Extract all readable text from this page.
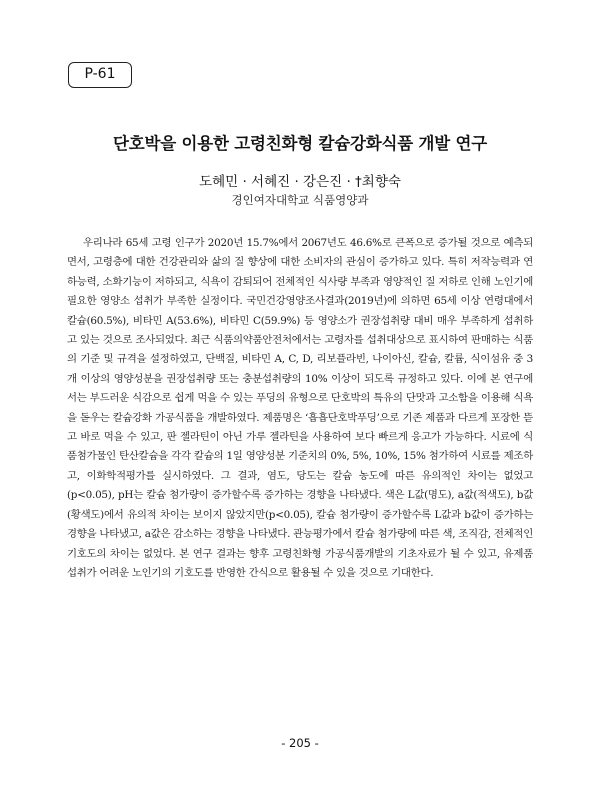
P-61
단호박을 이용한 고령친화형 칼슘강화식품 개발 연구
도혜민 · 서혜진 · 강은진 · †최향숙
경인여자대학교 식품영양과

우리나라 65세 고령 인구가 2020년 15.7%에서 2067년도 46.6%로 큰폭으로 증가될 것으로 예측되면서, 고령층에 대한 건강관리와 삶의 질 향상에 대한 소비자의 관심이 증가하고 있다. 특히 저작능력과 연하능력, 소화기능이 저하되고, 식욕이 감퇴되어 전체적인 식사량 부족과 영양적인 질 저하로 인해 노인기에 필요한 영양소 섭취가 부족한 실정이다. 국민건강영양조사결과(2019년)에 의하면 65세 이상 연령대에서 칼슘(60.5%), 비타민 A(53.6%), 비타민 C(59.9%) 등 영양소가 권장섭취량 대비 매우 부족하게 섭취하고 있는 것으로 조사되었다. 최근 식품의약품안전처에서는 고령자를 섭취대상으로 표시하여 판매하는 식품의 기준 및 규격을 설정하였고, 단백질, 비타민 A, C, D, 리보플라빈, 나이아신, 칼슘, 칼륨, 식이섬유 중 3개 이상의 영양성분을 권장섭취량 또는 충분섭취량의 10% 이상이 되도록 규정하고 있다. 이에 본 연구에서는 부드러운 식감으로 쉽게 먹을 수 있는 푸딩의 유형으로 단호박의 특유의 단맛과 고소함을 이용해 식욕을 돋우는 칼슘강화 가공식품을 개발하였다. 제품명은 ‘흡흡단호박푸딩’으로 기존 제품과 다르게 포장한 뜯고 바로 먹을 수 있고, 판 젤라틴이 아닌 가루 젤라틴을 사용하여 보다 빠르게 응고가 가능하다. 시료에 식품첨가물인 탄산칼슘을 각각 칼슘의 1일 영양성분 기준치의 0%, 5%, 10%, 15% 첨가하여 시료를 제조하고, 이화학적평가를 실시하였다. 그 결과, 염도, 당도는 칼슘 농도에 따른 유의적인 차이는 없었고(p<0.05), pH는 칼슘 첨가량이 증가할수록 증가하는 경향을 나타냈다. 색은 L값(명도), a값(적색도), b값(황색도)에서 유의적 차이는 보이지 않았지만(p<0.05), 칼슘 첨가량이 증가할수록 L값과 b값이 증가하는 경향을 나타냈고, a값은 감소하는 경향을 나타냈다. 관능평가에서 칼슘 첨가량에 따른 색, 조직감, 전체적인 기호도의 차이는 없었다. 본 연구 결과는 향후 고령친화형 가공식품개발의 기초자료가 될 수 있고, 유제품 섭취가 어려운 노인기의 기호도를 반영한 간식으로 활용될 수 있을 것으로 기대한다.

- 205 -
